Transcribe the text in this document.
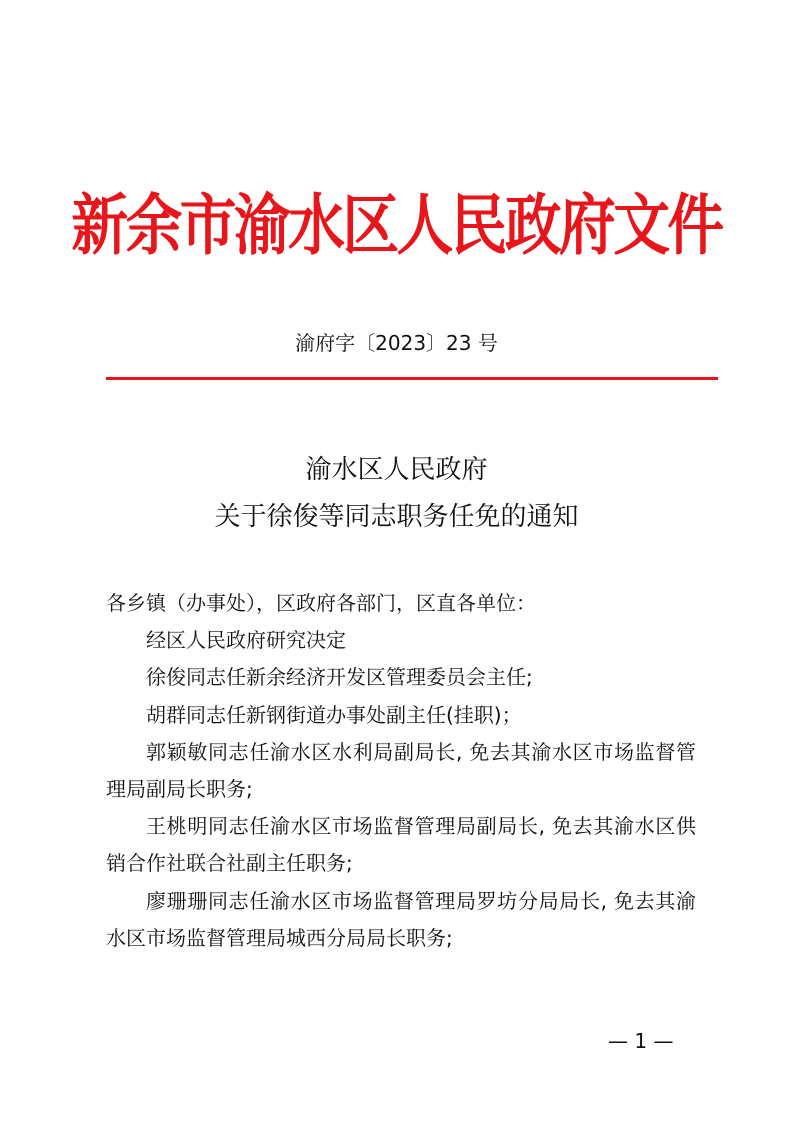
新余市渝水区人民政府文件
渝府字〔2023〕23 号
渝水区人民政府
关于徐俊等同志职务任免的通知

各乡镇（办事处），区政府各部门，区直各单位：

经区人民政府研究决定

徐俊同志任新余经济开发区管理委员会主任;

胡群同志任新钢街道办事处副主任(挂职)；

郭颖敏同志任渝水区水利局副局长, 免去其渝水区市场监督管理局副局长职务;

王桃明同志任渝水区市场监督管理局副局长, 免去其渝水区供销合作社联合社副主任职务;

廖珊珊同志任渝水区市场监督管理局罗坊分局局长, 免去其渝水区市场监督管理局城西分局局长职务;

— 1 —
